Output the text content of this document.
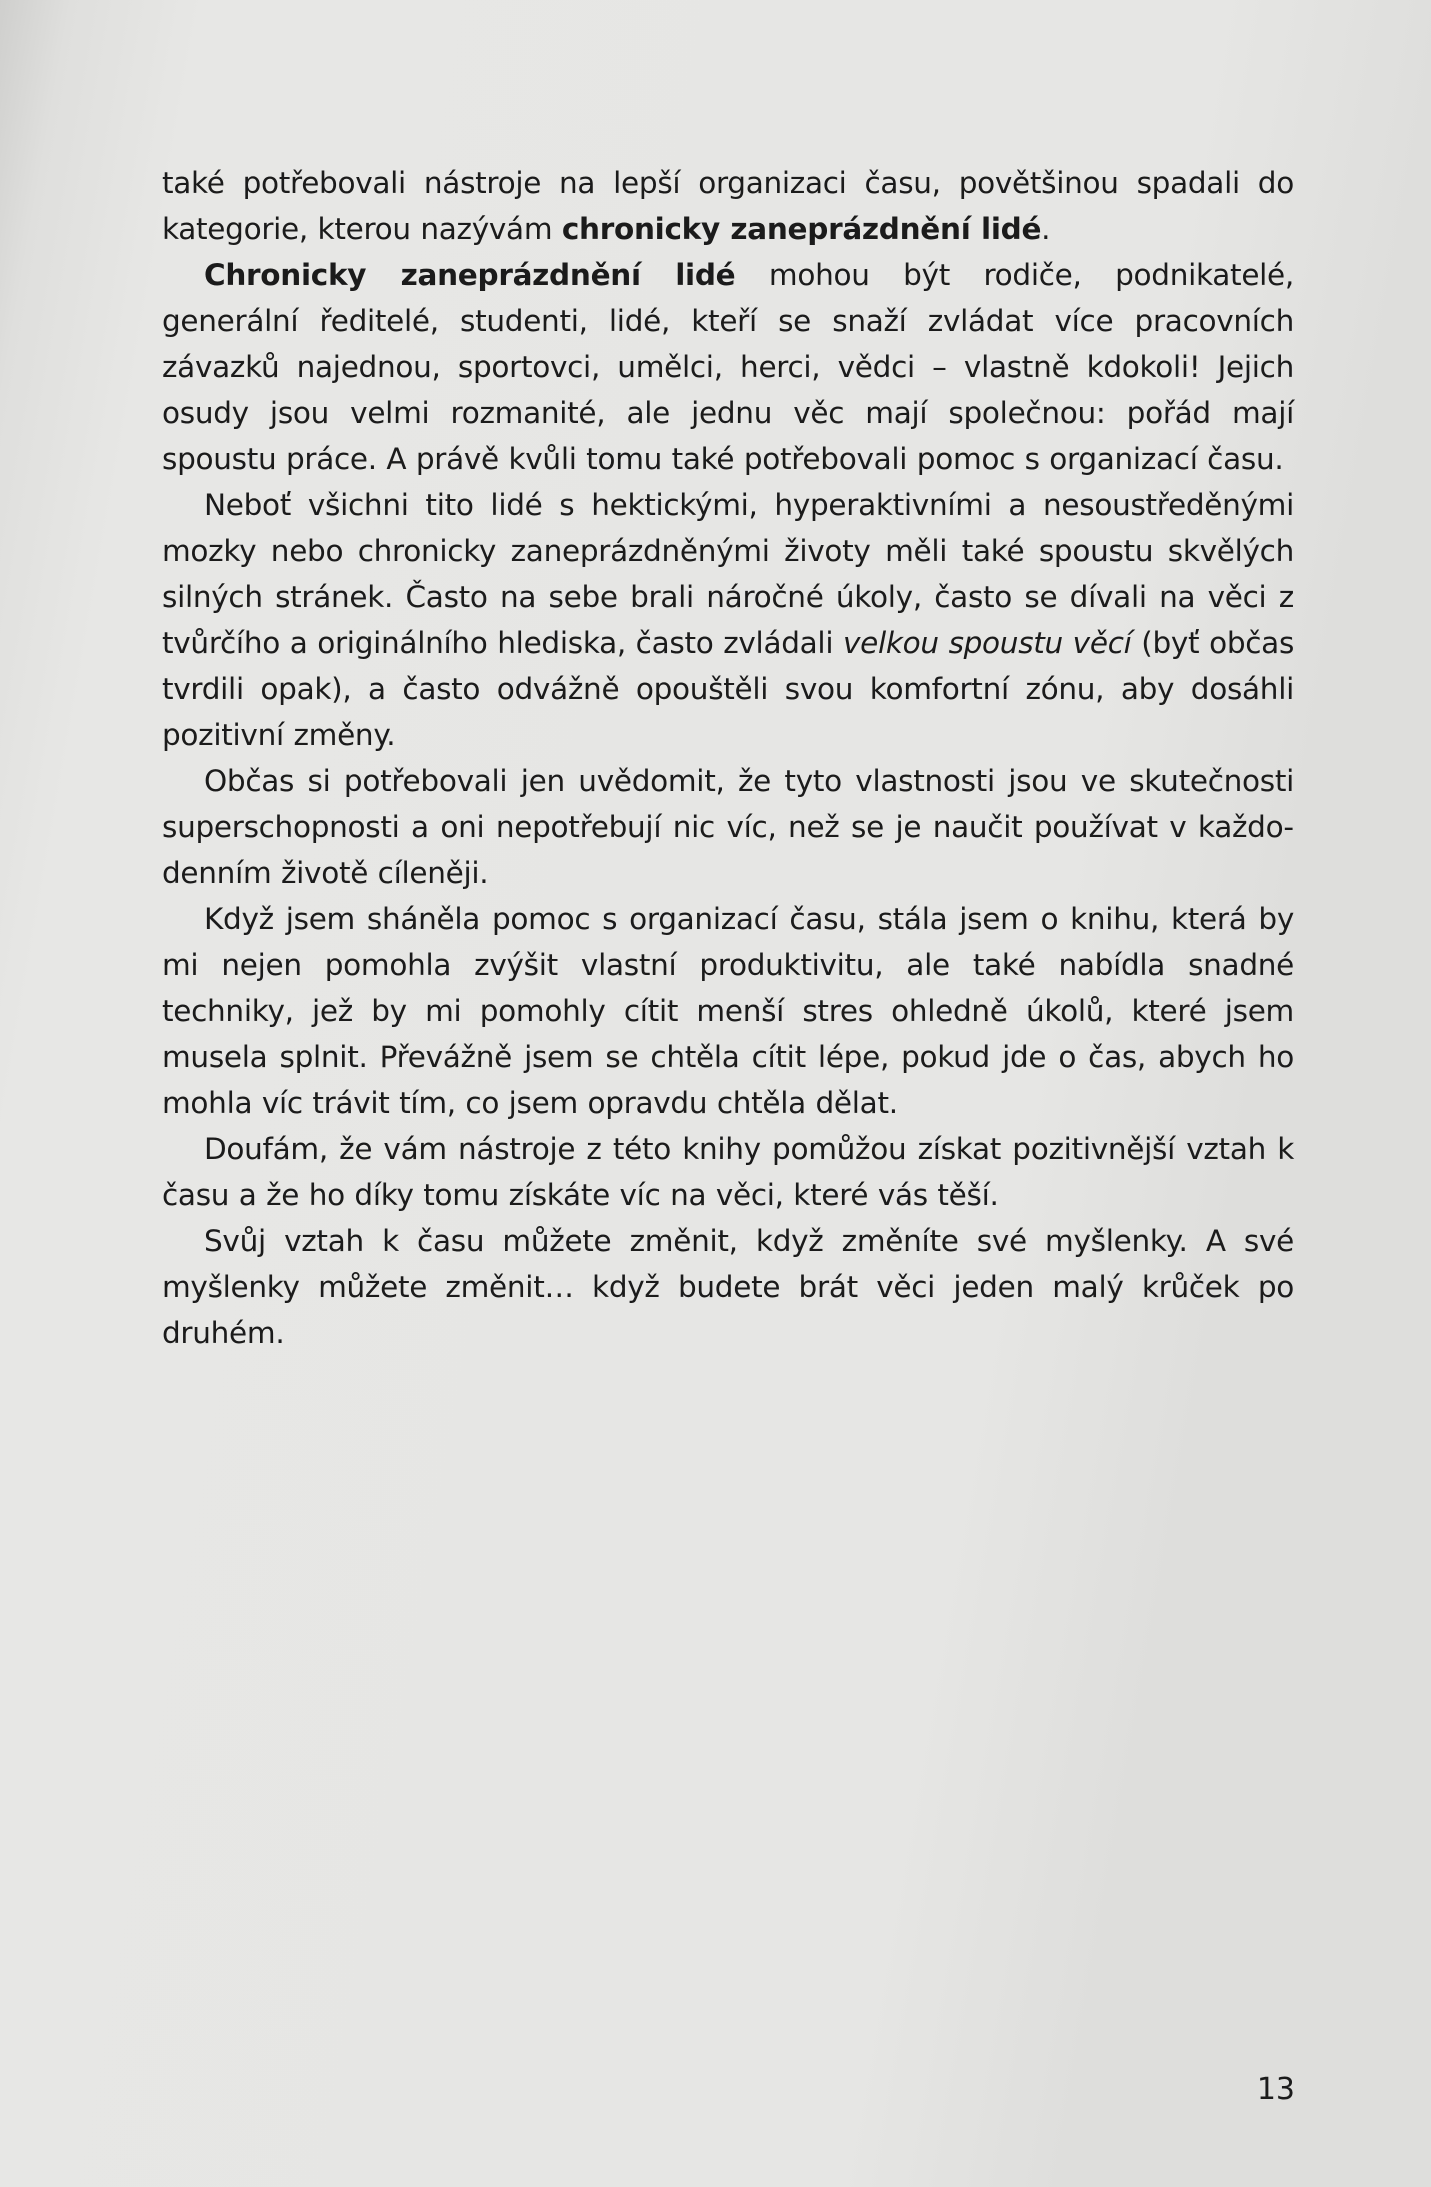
také potřebovali nástroje na lepší organizaci času, povětšinou spadali do kategorie, kterou nazývám chronicky zaneprázdnění lidé.

Chronicky zaneprázdnění lidé mohou být rodiče, podnikatelé, generální ředitelé, studenti, lidé, kteří se snaží zvládat více pracovních závazků najednou, sportovci, umělci, herci, vědci – vlastně kdokoli! Jejich osudy jsou velmi rozmanité, ale jednu věc mají společnou: pořád mají spoustu práce. A právě kvůli tomu také potřebovali pomoc s organizací času.

Neboť všichni tito lidé s hektickými, hyperaktivními a nesoustředěnými mozky nebo chronicky zaneprázdněnými životy měli také spoustu skvělých silných stránek. Často na sebe brali náročné úkoly, často se dívali na věci z tvůrčího a originálního hlediska, často zvládali velkou spoustu věcí (byť občas tvrdili opak), a často odvážně opouštěli svou komfortní zónu, aby dosáhli pozitivní změny.

Občas si potřebovali jen uvědomit, že tyto vlastnosti jsou ve skutečnosti superschopnosti a oni nepotřebují nic víc, než se je naučit používat v každodenním životě cíleněji.

Když jsem sháněla pomoc s organizací času, stála jsem o knihu, která by mi nejen pomohla zvýšit vlastní produktivitu, ale také nabídla snadné techniky, jež by mi pomohly cítit menší stres ohledně úkolů, které jsem musela splnit. Převážně jsem se chtěla cítit lépe, pokud jde o čas, abych ho mohla víc trávit tím, co jsem opravdu chtěla dělat.

Doufám, že vám nástroje z této knihy pomůžou získat pozitivnější vztah k času a že ho díky tomu získáte víc na věci, které vás těší.

Svůj vztah k času můžete změnit, když změníte své myšlenky. A své myšlenky můžete změnit… když budete brát věci jeden malý krůček po druhém.

13
